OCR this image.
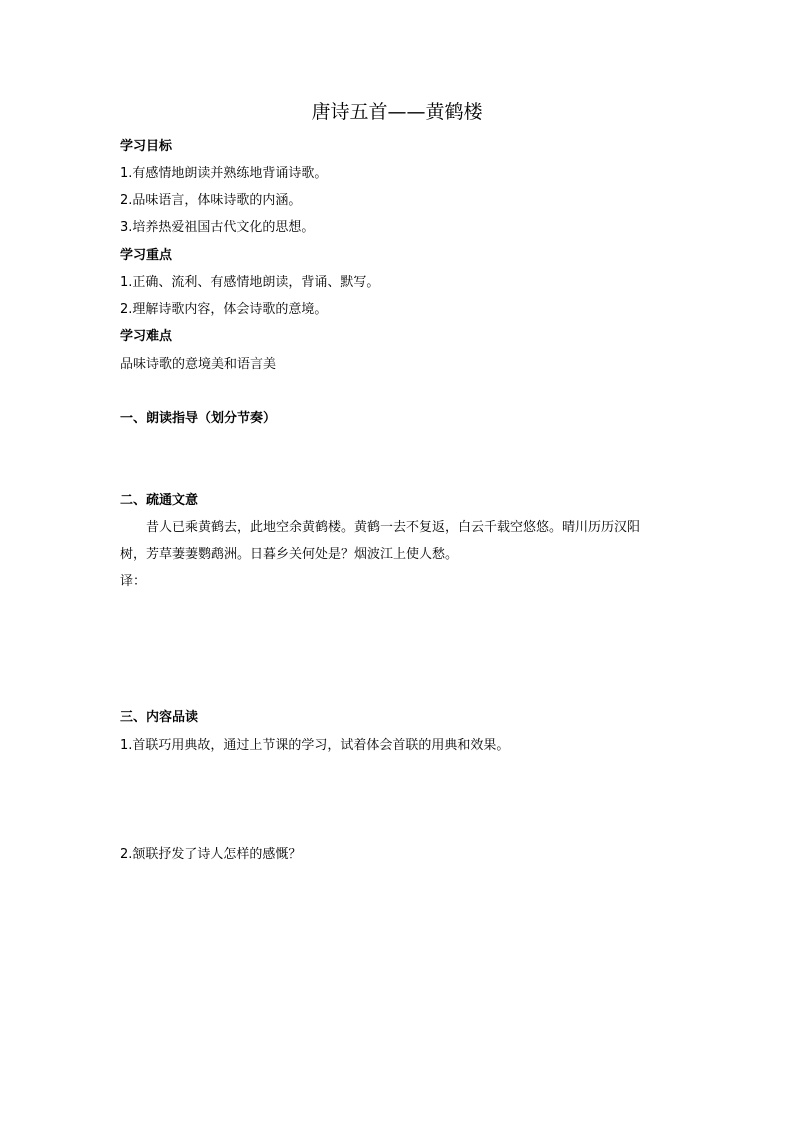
唐诗五首——黄鹤楼
学习目标
1.有感情地朗读并熟练地背诵诗歌。
2.品味语言，体味诗歌的内涵。
3.培养热爱祖国古代文化的思想。
学习重点
1.正确、流利、有感情地朗读，背诵、默写。
2.理解诗歌内容，体会诗歌的意境。
学习难点
品味诗歌的意境美和语言美
一、朗读指导（划分节奏）
二、疏通文意
昔人已乘黄鹤去，此地空余黄鹤楼。黄鹤一去不复返，白云千载空悠悠。晴川历历汉阳
树，芳草萋萋鹦鹉洲。日暮乡关何处是？烟波江上使人愁。
译：
三、内容品读
1.首联巧用典故，通过上节课的学习，试着体会首联的用典和效果。
2.颔联抒发了诗人怎样的感慨？
